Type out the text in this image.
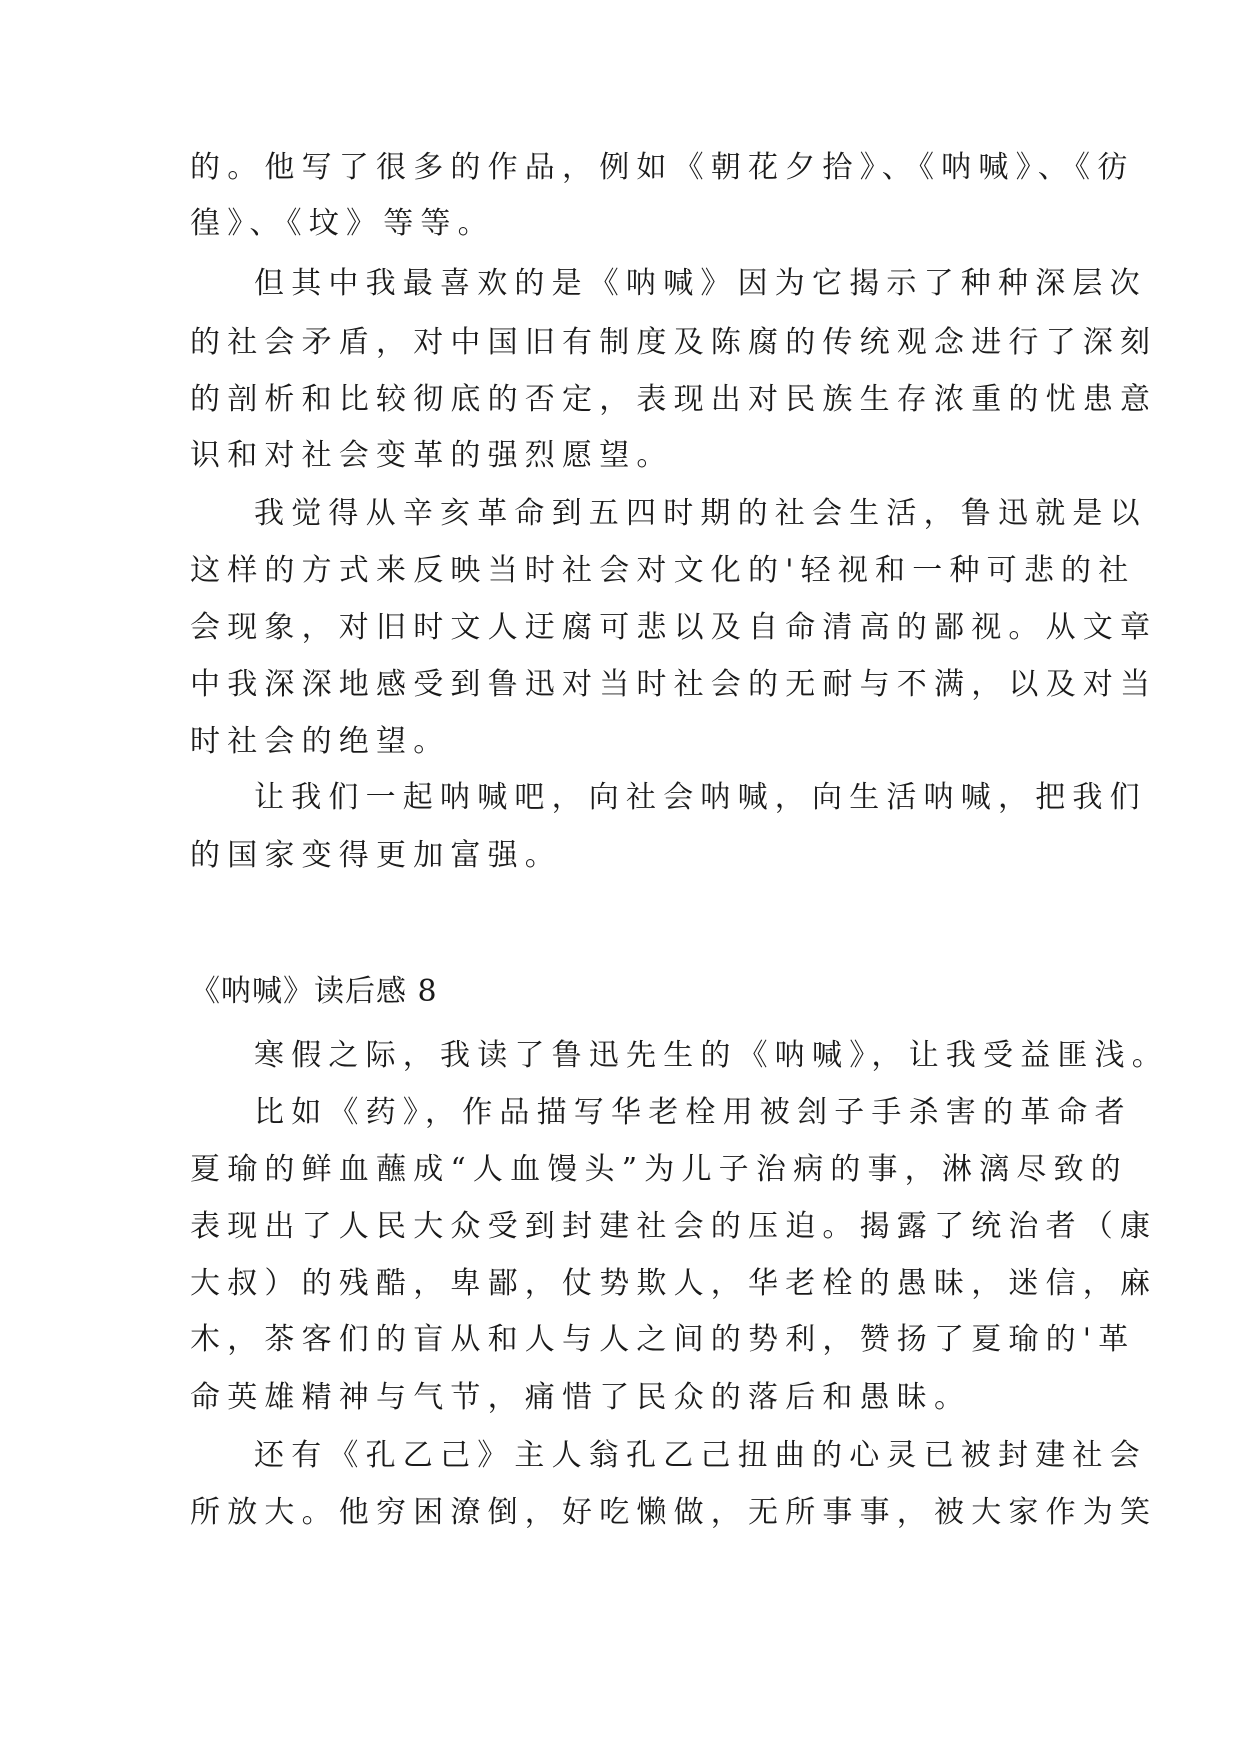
的。他写了很多的作品，例如《朝花夕拾》、《呐喊》、《彷
徨》、《坟》等等。
但其中我最喜欢的是《呐喊》因为它揭示了种种深层次
的社会矛盾，对中国旧有制度及陈腐的传统观念进行了深刻
的剖析和比较彻底的否定，表现出对民族生存浓重的忧患意
识和对社会变革的强烈愿望。
我觉得从辛亥革命到五四时期的社会生活，鲁迅就是以
这样的方式来反映当时社会对文化的'轻视和一种可悲的社
会现象，对旧时文人迂腐可悲以及自命清高的鄙视。从文章
中我深深地感受到鲁迅对当时社会的无耐与不满，以及对当
时社会的绝望。
让我们一起呐喊吧，向社会呐喊，向生活呐喊，把我们
的国家变得更加富强。
《呐喊》读后感 8
寒假之际，我读了鲁迅先生的《呐喊》，让我受益匪浅。
比如《药》，作品描写华老栓用被刽子手杀害的革命者
夏瑜的鲜血蘸成“人血馒头”为儿子治病的事，淋漓尽致的
表现出了人民大众受到封建社会的压迫。揭露了统治者（康
大叔）的残酷，卑鄙，仗势欺人，华老栓的愚昧，迷信，麻
木，茶客们的盲从和人与人之间的势利，赞扬了夏瑜的'革
命英雄精神与气节，痛惜了民众的落后和愚昧。
还有《孔乙己》主人翁孔乙己扭曲的心灵已被封建社会
所放大。他穷困潦倒，好吃懒做，无所事事，被大家作为笑
